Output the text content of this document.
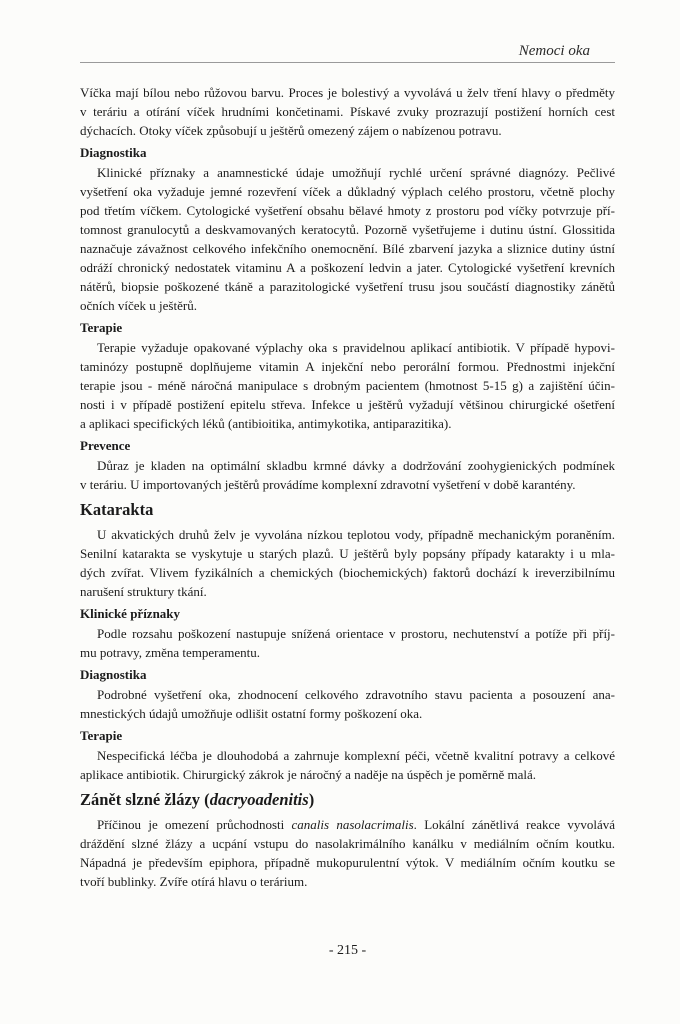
Nemoci oka
Víčka mají bílou nebo růžovou barvu. Proces je bolestivý a vyvolává u želv tření hlavy o předměty
v teráriu a otírání víček hrudními končetinami. Pískavé zvuky prozrazují postižení horních cest
dýchacích. Otoky víček způsobují u ještěrů omezený zájem o nabízenou potravu.
Diagnostika
Klinické příznaky a anamnestické údaje umožňují rychlé určení správné diagnózy. Pečlivé
vyšetření oka vyžaduje jemné rozevření víček a důkladný výplach celého prostoru, včetně plochy
pod třetím víčkem. Cytologické vyšetření obsahu bělavé hmoty z prostoru pod víčky potvrzuje pří-
tomnost granulocytů a deskvamovaných keratocytů. Pozorně vyšetřujeme i dutinu ústní. Glossitida
naznačuje závažnost celkového infekčního onemocnění. Bílé zbarvení jazyka a sliznice dutiny ústní
odráží chronický nedostatek vitaminu A a poškození ledvin a jater. Cytologické vyšetření krevních
nátěrů, biopsie poškozené tkáně a parazitologické vyšetření trusu jsou součástí diagnostiky zánětů
očních víček u ještěrů.
Terapie
Terapie vyžaduje opakované výplachy oka s pravidelnou aplikací antibiotik. V případě hypovi-
taminózy postupně doplňujeme vitamin A injekční nebo perorální formou. Přednostmi injekční
terapie jsou - méně náročná manipulace s drobným pacientem (hmotnost 5-15 g) a zajištění účin-
nosti i v případě postižení epitelu střeva. Infekce u ještěrů vyžadují většinou chirurgické ošetření
a aplikaci specifických léků (antibioitika, antimykotika, antiparazitika).
Prevence
Důraz je kladen na optimální skladbu krmné dávky a dodržování zoohygienických podmínek
v teráriu. U importovaných ještěrů provádíme komplexní zdravotní vyšetření v době karantény.
Katarakta
U akvatických druhů želv je vyvolána nízkou teplotou vody, případně mechanickým poraněním.
Senilní katarakta se vyskytuje u starých plazů. U ještěrů byly popsány případy katarakty i u mla-
dých zvířat. Vlivem fyzikálních a chemických (biochemických) faktorů dochází k ireverzibilnímu
narušení struktury tkání.
Klinické příznaky
Podle rozsahu poškození nastupuje snížená orientace v prostoru, nechutenství a potíže při příj-
mu potravy, změna temperamentu.
Diagnostika
Podrobné vyšetření oka, zhodnocení celkového zdravotního stavu pacienta a posouzení ana-
mnestických údajů umožňuje odlišit ostatní formy poškození oka.
Terapie
Nespecifická léčba je dlouhodobá a zahrnuje komplexní péči, včetně kvalitní potravy a celkové
aplikace antibiotik. Chirurgický zákrok je náročný a naděje na úspěch je poměrně malá.
Zánět slzné žlázy (dacryoadenitis)
Příčinou je omezení průchodnosti canalis nasolacrimalis. Lokální zánětlivá reakce vyvolává
dráždění slzné žlázy a ucpání vstupu do nasolakrimálního kanálku v mediálním očním koutku.
Nápadná je především epiphora, případně mukopurulentní výtok. V mediálním očním koutku se
tvoří bublinky. Zvíře otírá hlavu o terárium.
- 215 -
